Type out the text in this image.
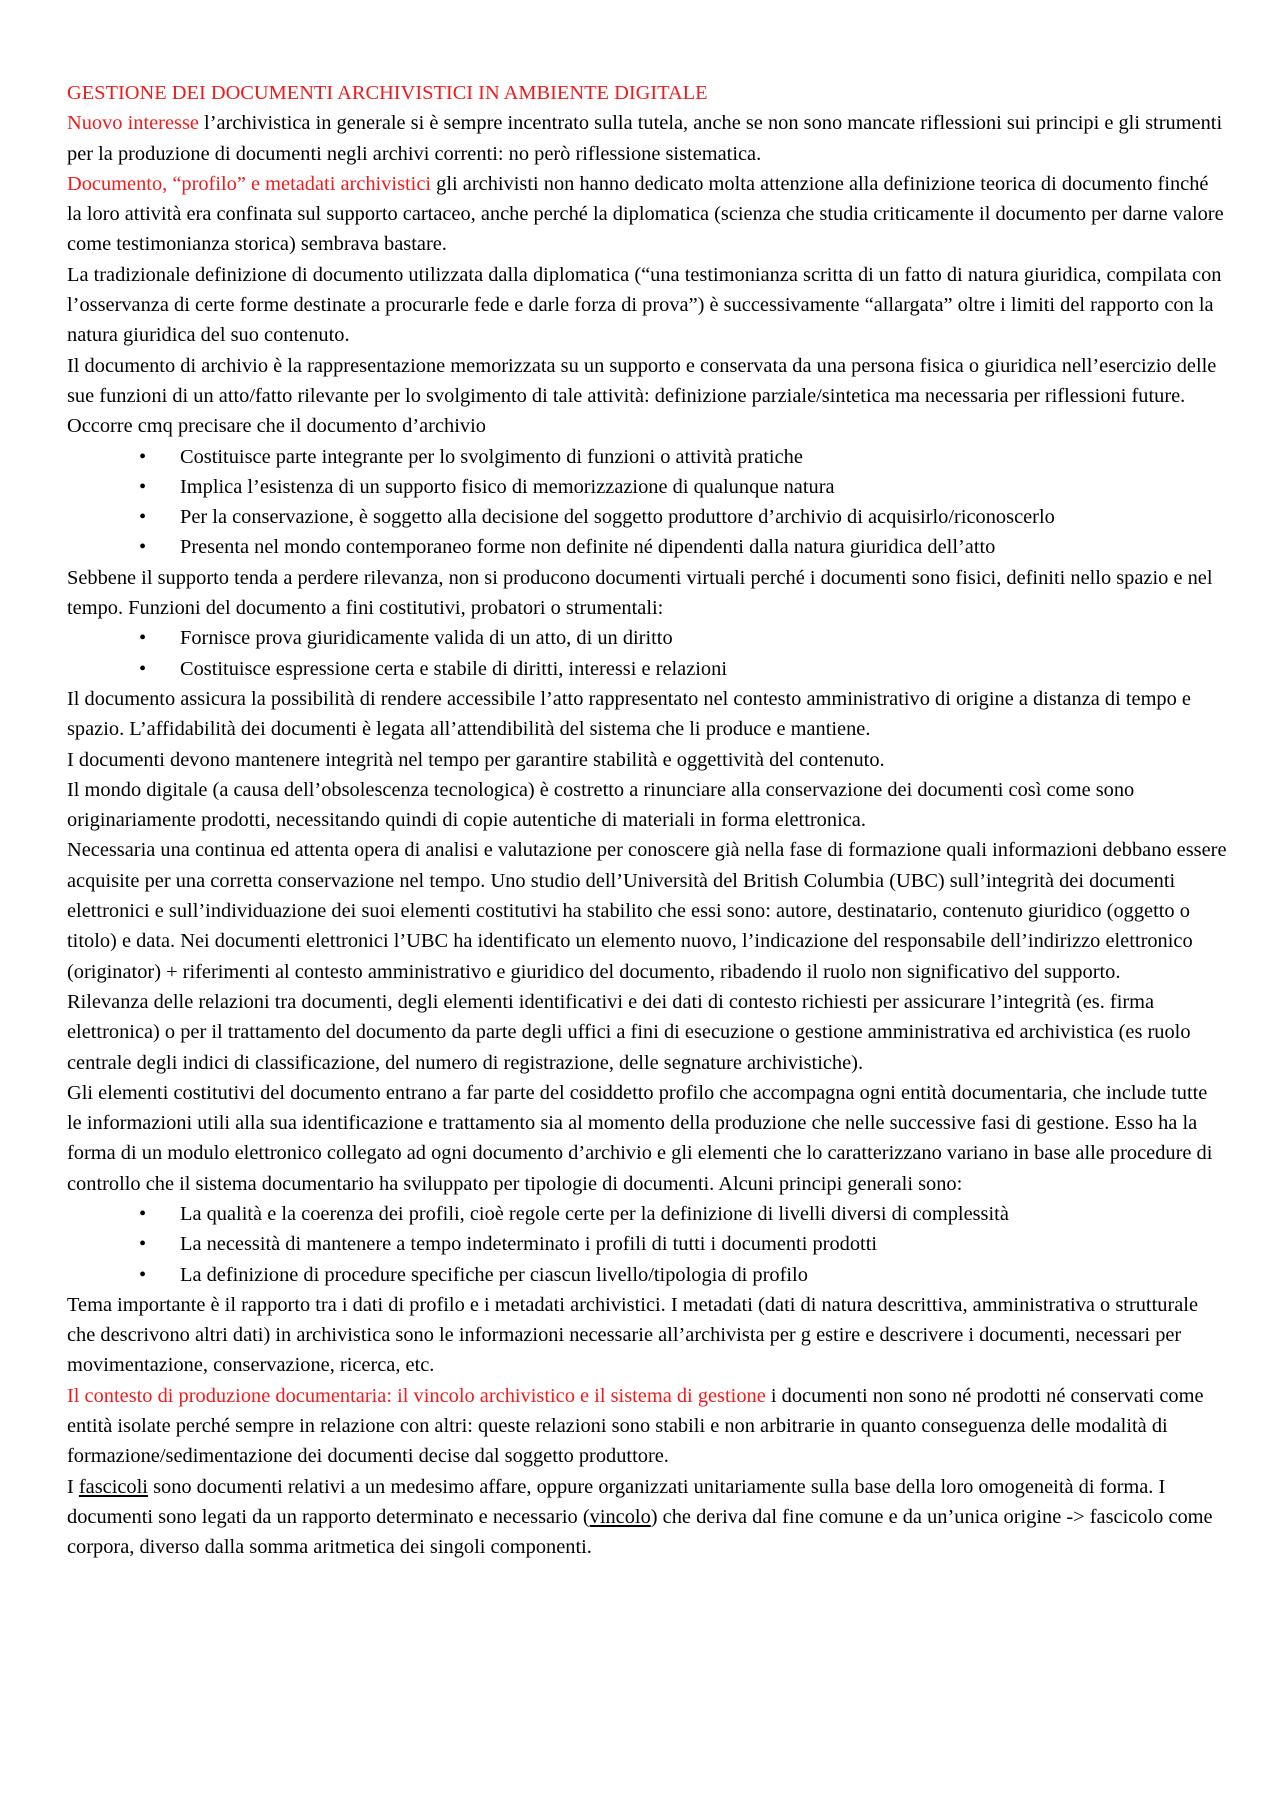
GESTIONE DEI DOCUMENTI ARCHIVISTICI IN AMBIENTE DIGITALE

Nuovo interesse l’archivistica in generale si è sempre incentrato sulla tutela, anche se non sono mancate riflessioni sui principi e gli strumenti per la produzione di documenti negli archivi correnti: no però riflessione sistematica.

Documento, “profilo” e metadati archivistici gli archivisti non hanno dedicato molta attenzione alla definizione teorica di documento finché la loro attività era confinata sul supporto cartaceo, anche perché la diplomatica (scienza che studia criticamente il documento per darne valore come testimonianza storica) sembrava bastare.

La tradizionale definizione di documento utilizzata dalla diplomatica (“una testimonianza scritta di un fatto di natura giuridica, compilata con l’osservanza di certe forme destinate a procurarle fede e darle forza di prova”) è successivamente “allargata” oltre i limiti del rapporto con la natura giuridica del suo contenuto.

Il documento di archivio è la rappresentazione memorizzata su un supporto e conservata da una persona fisica o giuridica nell’esercizio delle sue funzioni di un atto/fatto rilevante per lo svolgimento di tale attività: definizione parziale/sintetica ma necessaria per riflessioni future. Occorre cmq precisare che il documento d’archivio

• Costituisce parte integrante per lo svolgimento di funzioni o attività pratiche
• Implica l’esistenza di un supporto fisico di memorizzazione di qualunque natura
• Per la conservazione, è soggetto alla decisione del soggetto produttore d’archivio di acquisirlo/riconoscerlo
• Presenta nel mondo contemporaneo forme non definite né dipendenti dalla natura giuridica dell’atto

Sebbene il supporto tenda a perdere rilevanza, non si producono documenti virtuali perché i documenti sono fisici, definiti nello spazio e nel tempo. Funzioni del documento a fini costitutivi, probatori o strumentali:

• Fornisce prova giuridicamente valida di un atto, di un diritto
• Costituisce espressione certa e stabile di diritti, interessi e relazioni

Il documento assicura la possibilità di rendere accessibile l’atto rappresentato nel contesto amministrativo di origine a distanza di tempo e spazio. L’affidabilità dei documenti è legata all’attendibilità del sistema che li produce e mantiene.

I documenti devono mantenere integrità nel tempo per garantire stabilità e oggettività del contenuto.

Il mondo digitale (a causa dell’obsolescenza tecnologica) è costretto a rinunciare alla conservazione dei documenti così come sono originariamente prodotti, necessitando quindi di copie autentiche di materiali in forma elettronica.

Necessaria una continua ed attenta opera di analisi e valutazione per conoscere già nella fase di formazione quali informazioni debbano essere acquisite per una corretta conservazione nel tempo. Uno studio dell’Università del British Columbia (UBC) sull’integrità dei documenti elettronici e sull’individuazione dei suoi elementi costitutivi ha stabilito che essi sono: autore, destinatario, contenuto giuridico (oggetto o titolo) e data. Nei documenti elettronici l’UBC ha identificato un elemento nuovo, l’indicazione del responsabile dell’indirizzo elettronico (originator) + riferimenti al contesto amministrativo e giuridico del documento, ribadendo il ruolo non significativo del supporto.

Rilevanza delle relazioni tra documenti, degli elementi identificativi e dei dati di contesto richiesti per assicurare l’integrità (es. firma elettronica) o per il trattamento del documento da parte degli uffici a fini di esecuzione o gestione amministrativa ed archivistica (es ruolo centrale degli indici di classificazione, del numero di registrazione, delle segnature archivistiche).

Gli elementi costitutivi del documento entrano a far parte del cosiddetto profilo che accompagna ogni entità documentaria, che include tutte le informazioni utili alla sua identificazione e trattamento sia al momento della produzione che nelle successive fasi di gestione. Esso ha la forma di un modulo elettronico collegato ad ogni documento d’archivio e gli elementi che lo caratterizzano variano in base alle procedure di controllo che il sistema documentario ha sviluppato per tipologie di documenti. Alcuni principi generali sono:

• La qualità e la coerenza dei profili, cioè regole certe per la definizione di livelli diversi di complessità
• La necessità di mantenere a tempo indeterminato i profili di tutti i documenti prodotti
• La definizione di procedure specifiche per ciascun livello/tipologia di profilo

Tema importante è il rapporto tra i dati di profilo e i metadati archivistici. I metadati (dati di natura descrittiva, amministrativa o strutturale che descrivono altri dati) in archivistica sono le informazioni necessarie all’archivista per g estire e descrivere i documenti, necessari per movimentazione, conservazione, ricerca, etc.

Il contesto di produzione documentaria: il vincolo archivistico e il sistema di gestione i documenti non sono né prodotti né conservati come entità isolate perché sempre in relazione con altri: queste relazioni sono stabili e non arbitrarie in quanto conseguenza delle modalità di formazione/sedimentazione dei documenti decise dal soggetto produttore.

I fascicoli sono documenti relativi a un medesimo affare, oppure organizzati unitariamente sulla base della loro omogeneità di forma. I documenti sono legati da un rapporto determinato e necessario (vincolo) che deriva dal fine comune e da un’unica origine -> fascicolo come corpora, diverso dalla somma aritmetica dei singoli componenti.
